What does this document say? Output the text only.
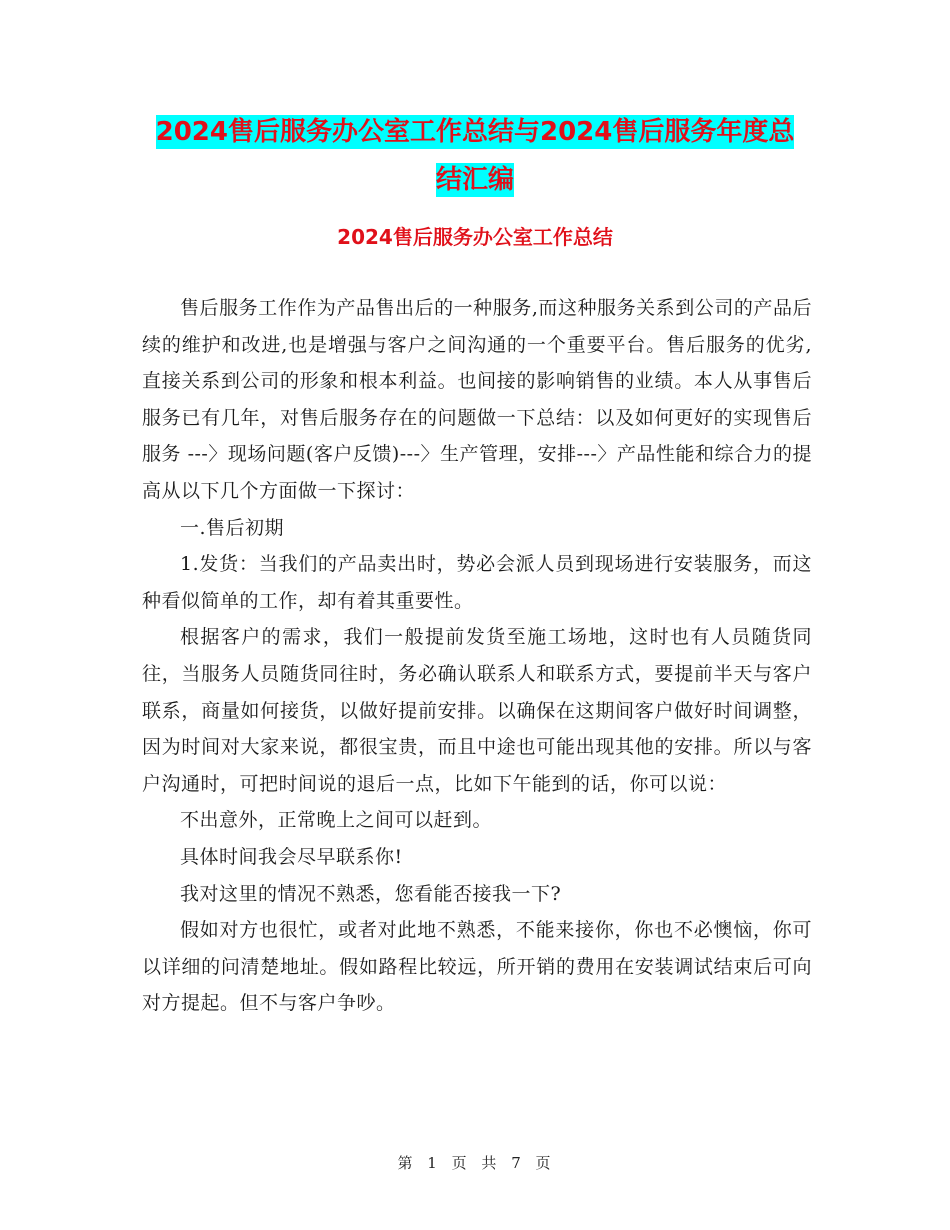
2024售后服务办公室工作总结与2024售后服务年度总
结汇编
2024售后服务办公室工作总结

售后服务工作作为产品售出后的一种服务,而这种服务关系到公司的产品后续的维护和改进,也是增强与客户之间沟通的一个重要平台。售后服务的优劣,直接关系到公司的形象和根本利益。也间接的影响销售的业绩。本人从事售后服务已有几年，对售后服务存在的问题做一下总结：以及如何更好的实现售后服务 ---〉现场问题(客户反馈)---〉生产管理，安排---〉产品性能和综合力的提高从以下几个方面做一下探讨：

一.售后初期

1.发货：当我们的产品卖出时，势必会派人员到现场进行安装服务，而这种看似简单的工作，却有着其重要性。

根据客户的需求，我们一般提前发货至施工场地，这时也有人员随货同往，当服务人员随货同往时，务必确认联系人和联系方式，要提前半天与客户联系，商量如何接货，以做好提前安排。以确保在这期间客户做好时间调整，因为时间对大家来说，都很宝贵，而且中途也可能出现其他的安排。所以与客户沟通时，可把时间说的退后一点，比如下午能到的话，你可以说：

不出意外，正常晚上之间可以赶到。

具体时间我会尽早联系你!

我对这里的情况不熟悉，您看能否接我一下?

假如对方也很忙，或者对此地不熟悉，不能来接你，你也不必懊恼，你可以详细的问清楚地址。假如路程比较远，所开销的费用在安装调试结束后可向对方提起。但不与客户争吵。

第 1 页 共 7 页
